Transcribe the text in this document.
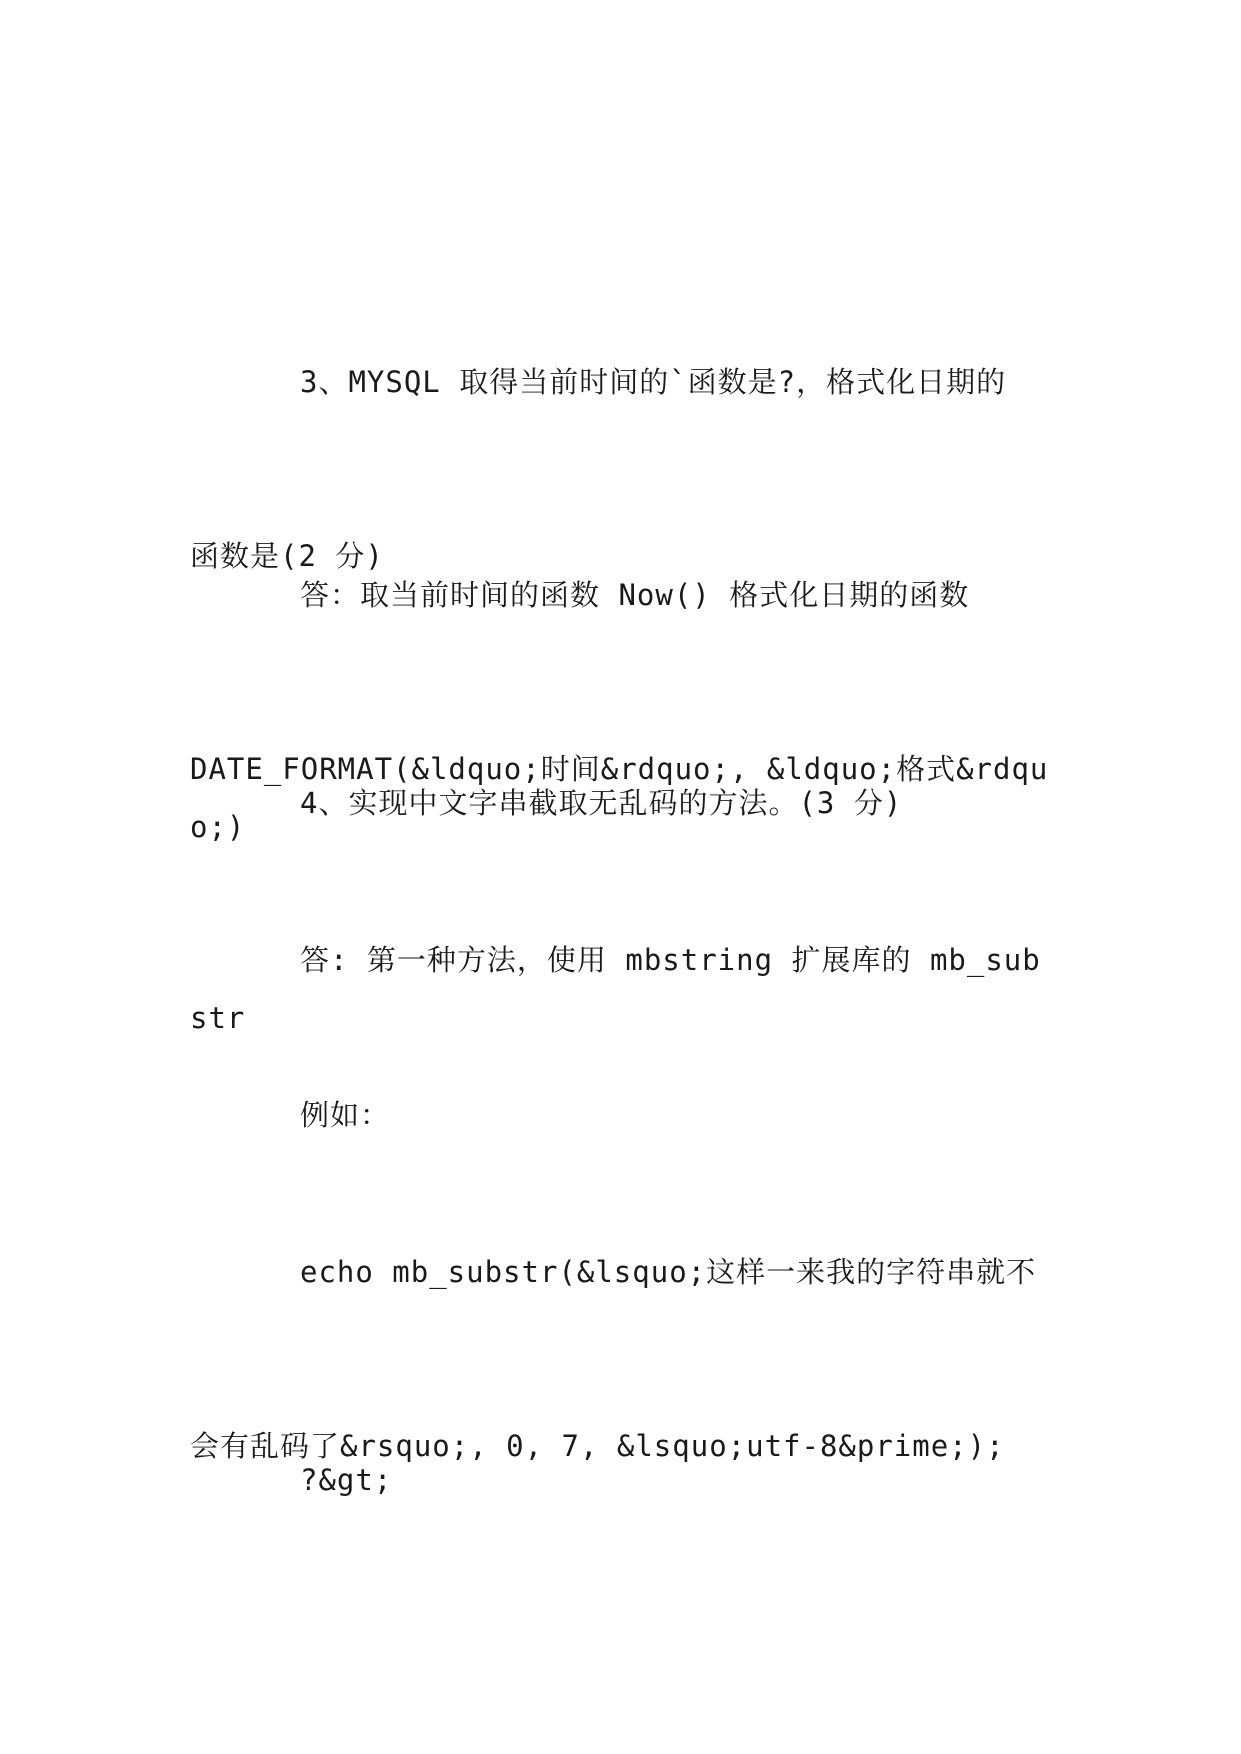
3、MYSQL 取得当前时间的`函数是?，格式化日期的

函数是(2 分)

答：取当前时间的函数 Now() 格式化日期的函数

DATE_FORMAT(&ldquo;时间&rdquo;, &ldquo;格式&rdquo;)

4、实现中文字串截取无乱码的方法。(3 分)

答: 第一种方法，使用 mbstring 扩展库的 mb_substr

例如：

echo mb_substr(&lsquo;这样一来我的字符串就不

会有乱码了&rsquo;, 0, 7, &lsquo;utf-8&prime;);

?&gt;
